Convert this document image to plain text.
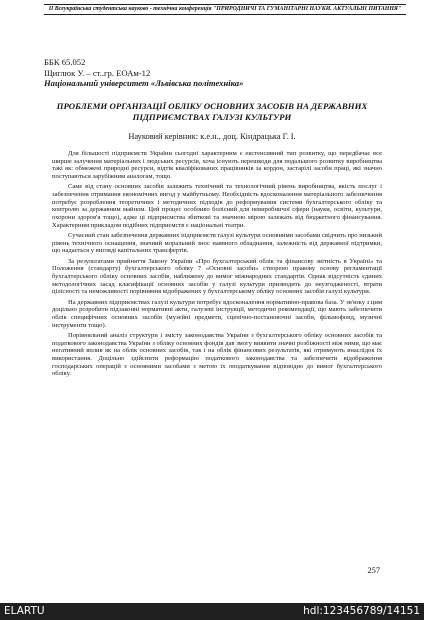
ІІ Всеукраїнська студентська науково - технічна конференція "ПРИРОДНИЧІ ТА ГУМАНІТАРНІ НАУКИ. АКТУАЛЬНІ ПИТАННЯ"
ББК 65.052
Щиглюк У. – ст..гр. ЕОАм-12
Національний університет «Львівська політехніка»
ПРОБЛЕМИ ОРГАНІЗАЦІЇ ОБЛІКУ ОСНОВНИХ ЗАСОБІВ НА ДЕРЖАВНИХ ПІДПРИЄМСТВАХ ГАЛУЗІ КУЛЬТУРИ
Науковий керівник: к.е.н., доц. Кіндрацька Г. І.

Для більшості підприємств України сьогодні характерним є екстенсивний тип розвитку, що передбачає все ширше залучення матеріальних і людських ресурсів, хоча існують перешкоди для подальшого розвитку виробництва такі як: обмежені природні ресурси, відтік кваліфікованих працівників за кордон, застарілі засоби праці, які значно поступаються зарубіжним аналогам, тощо.

Саме від стану основних засобів залежить технічний та технологічний рівень виробництва, якість послуг і забезпечення отримання економічних вигод у майбутньому. Необхідність вдосконалення матеріального забезпечення потребує розроблення теоретичних і методичних підходів до реформування системи бухгалтерського обліку та контролю за державним майном. Цей процес особливо болісний для невиробничої сфери (науки, освіти, культури, охорони здоров'я тощо), адже ці підприємства збиткові та значною мірою залежать від бюджетного фінансування. Характерним прикладом подібних підприємств є національні театри.

Сучасний стан забезпечення державних підприємств галузі культури основними засобами свідчить про низький рівень технічного оснащення, значний моральний знос наявного обладнання, залежність від державної підтримки, що надається у вигляді капітальних трансфертів.

За результатами прийняття Закону України «Про бухгалтерський облік та фінансову звітність в Україні» та Положення (стандарту) бухгалтерського обліку 7 «Основні засоби» створено правову основу регламентації бухгалтерського обліку основних засобів, наближену до вимог міжнародних стандартів. Однак відсутність єдиних методологічних засад класифікації основних засобів у галузі культури призводить до неузгодженості, втрати цілісності та неможливості порівняння відображених у бухгалтерському обліку основних засобів галузі культури.

На державних підприємствах галузі культури потребує вдосконалення нормативно-правова база. У зв'язку з цим доцільно розробити підзаконні нормативні акти, галузеві інструкції, методичні рекомендації, що мають забезпечити облік специфічних основних засобів (музейні предмети, сценічно-постановочні засоби, фільмофонд, музичні інструменти тощо).

Порівняльний аналіз структури і змісту законодавства України з бухгалтерського обліку основних засобів та податкового законодавства України з обліку основних фондів дав змогу виявити значні розбіжності між ними, що має негативний вплив як на облік основних засобів, так і на облік фінансових результатів, які отримують внаслідок їх використання. Доцільно здійснити реформацію податкового законодавства та забезпечити відображення господарських операцій з основними засобами з метою їх оподаткування відповідно до вимог бухгалтерського обліку.

257
ELARTU	hdl:123456789/14151
